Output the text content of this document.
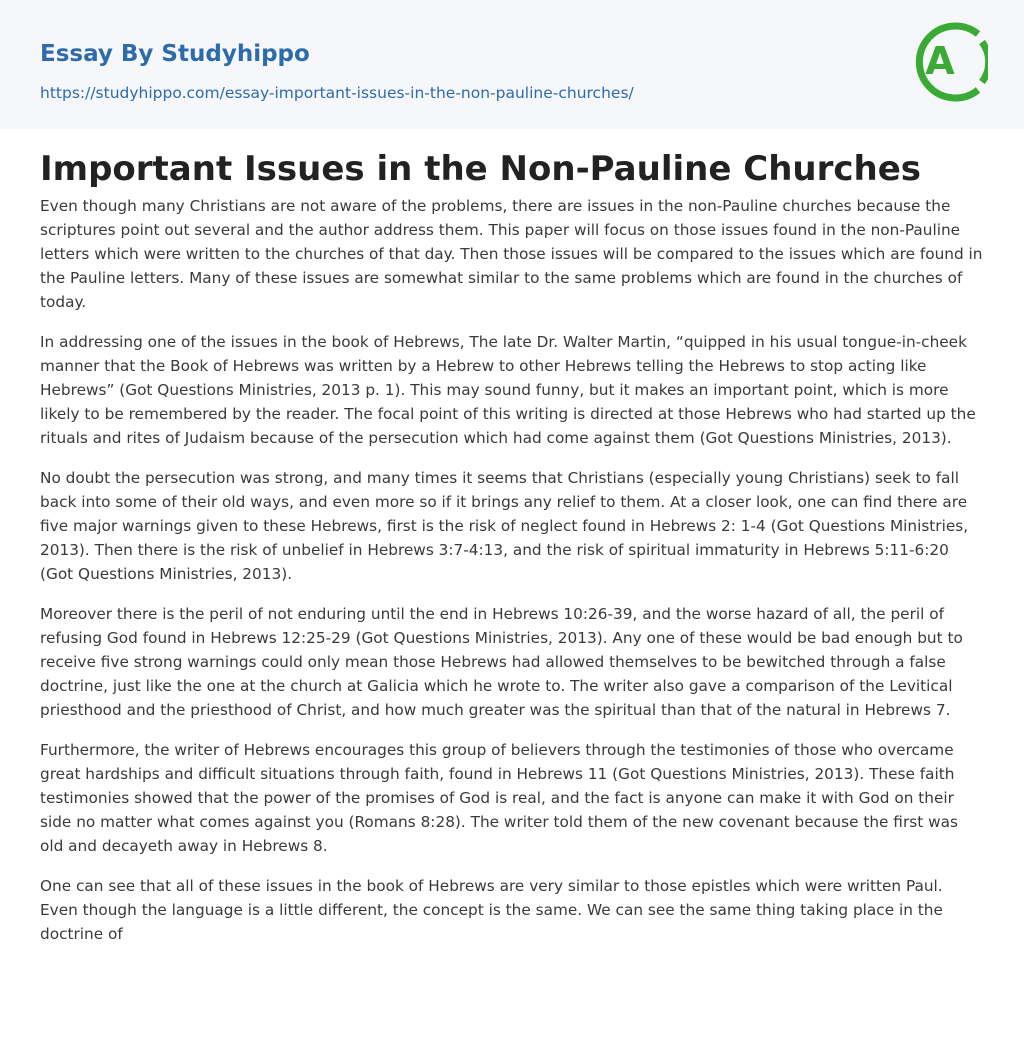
Essay By Studyhippo
https://studyhippo.com/essay-important-issues-in-the-non-pauline-churches/
A
Important Issues in the Non-Pauline Churches

Even though many Christians are not aware of the problems, there are issues in the non-Pauline churches because the scriptures point out several and the author address them. This paper will focus on those issues found in the non-Pauline letters which were written to the churches of that day. Then those issues will be compared to the issues which are found in the Pauline letters. Many of these issues are somewhat similar to the same problems which are found in the churches of today.

In addressing one of the issues in the book of Hebrews, The late Dr. Walter Martin, “quipped in his usual tongue-in-cheek manner that the Book of Hebrews was written by a Hebrew to other Hebrews telling the Hebrews to stop acting like Hebrews” (Got Questions Ministries, 2013 p. 1). This may sound funny, but it makes an important point, which is more likely to be remembered by the reader. The focal point of this writing is directed at those Hebrews who had started up the rituals and rites of Judaism because of the persecution which had come against them (Got Questions Ministries, 2013).

No doubt the persecution was strong, and many times it seems that Christians (especially young Christians) seek to fall back into some of their old ways, and even more so if it brings any relief to them. At a closer look, one can find there are five major warnings given to these Hebrews, first is the risk of neglect found in Hebrews 2: 1-4 (Got Questions Ministries, 2013). Then there is the risk of unbelief in Hebrews 3:7-4:13, and the risk of spiritual immaturity in Hebrews 5:11-6:20 (Got Questions Ministries, 2013).

Moreover there is the peril of not enduring until the end in Hebrews 10:26-39, and the worse hazard of all, the peril of refusing God found in Hebrews 12:25-29 (Got Questions Ministries, 2013). Any one of these would be bad enough but to receive five strong warnings could only mean those Hebrews had allowed themselves to be bewitched through a false doctrine, just like the one at the church at Galicia which he wrote to. The writer also gave a comparison of the Levitical priesthood and the priesthood of Christ, and how much greater was the spiritual than that of the natural in Hebrews 7.

Furthermore, the writer of Hebrews encourages this group of believers through the testimonies of those who overcame great hardships and difficult situations through faith, found in Hebrews 11 (Got Questions Ministries, 2013). These faith testimonies showed that the power of the promises of God is real, and the fact is anyone can make it with God on their side no matter what comes against you (Romans 8:28). The writer told them of the new covenant because the first was old and decayeth away in Hebrews 8.

One can see that all of these issues in the book of Hebrews are very similar to those epistles which were written Paul. Even though the language is a little different, the concept is the same. We can see the same thing taking place in the doctrine of
